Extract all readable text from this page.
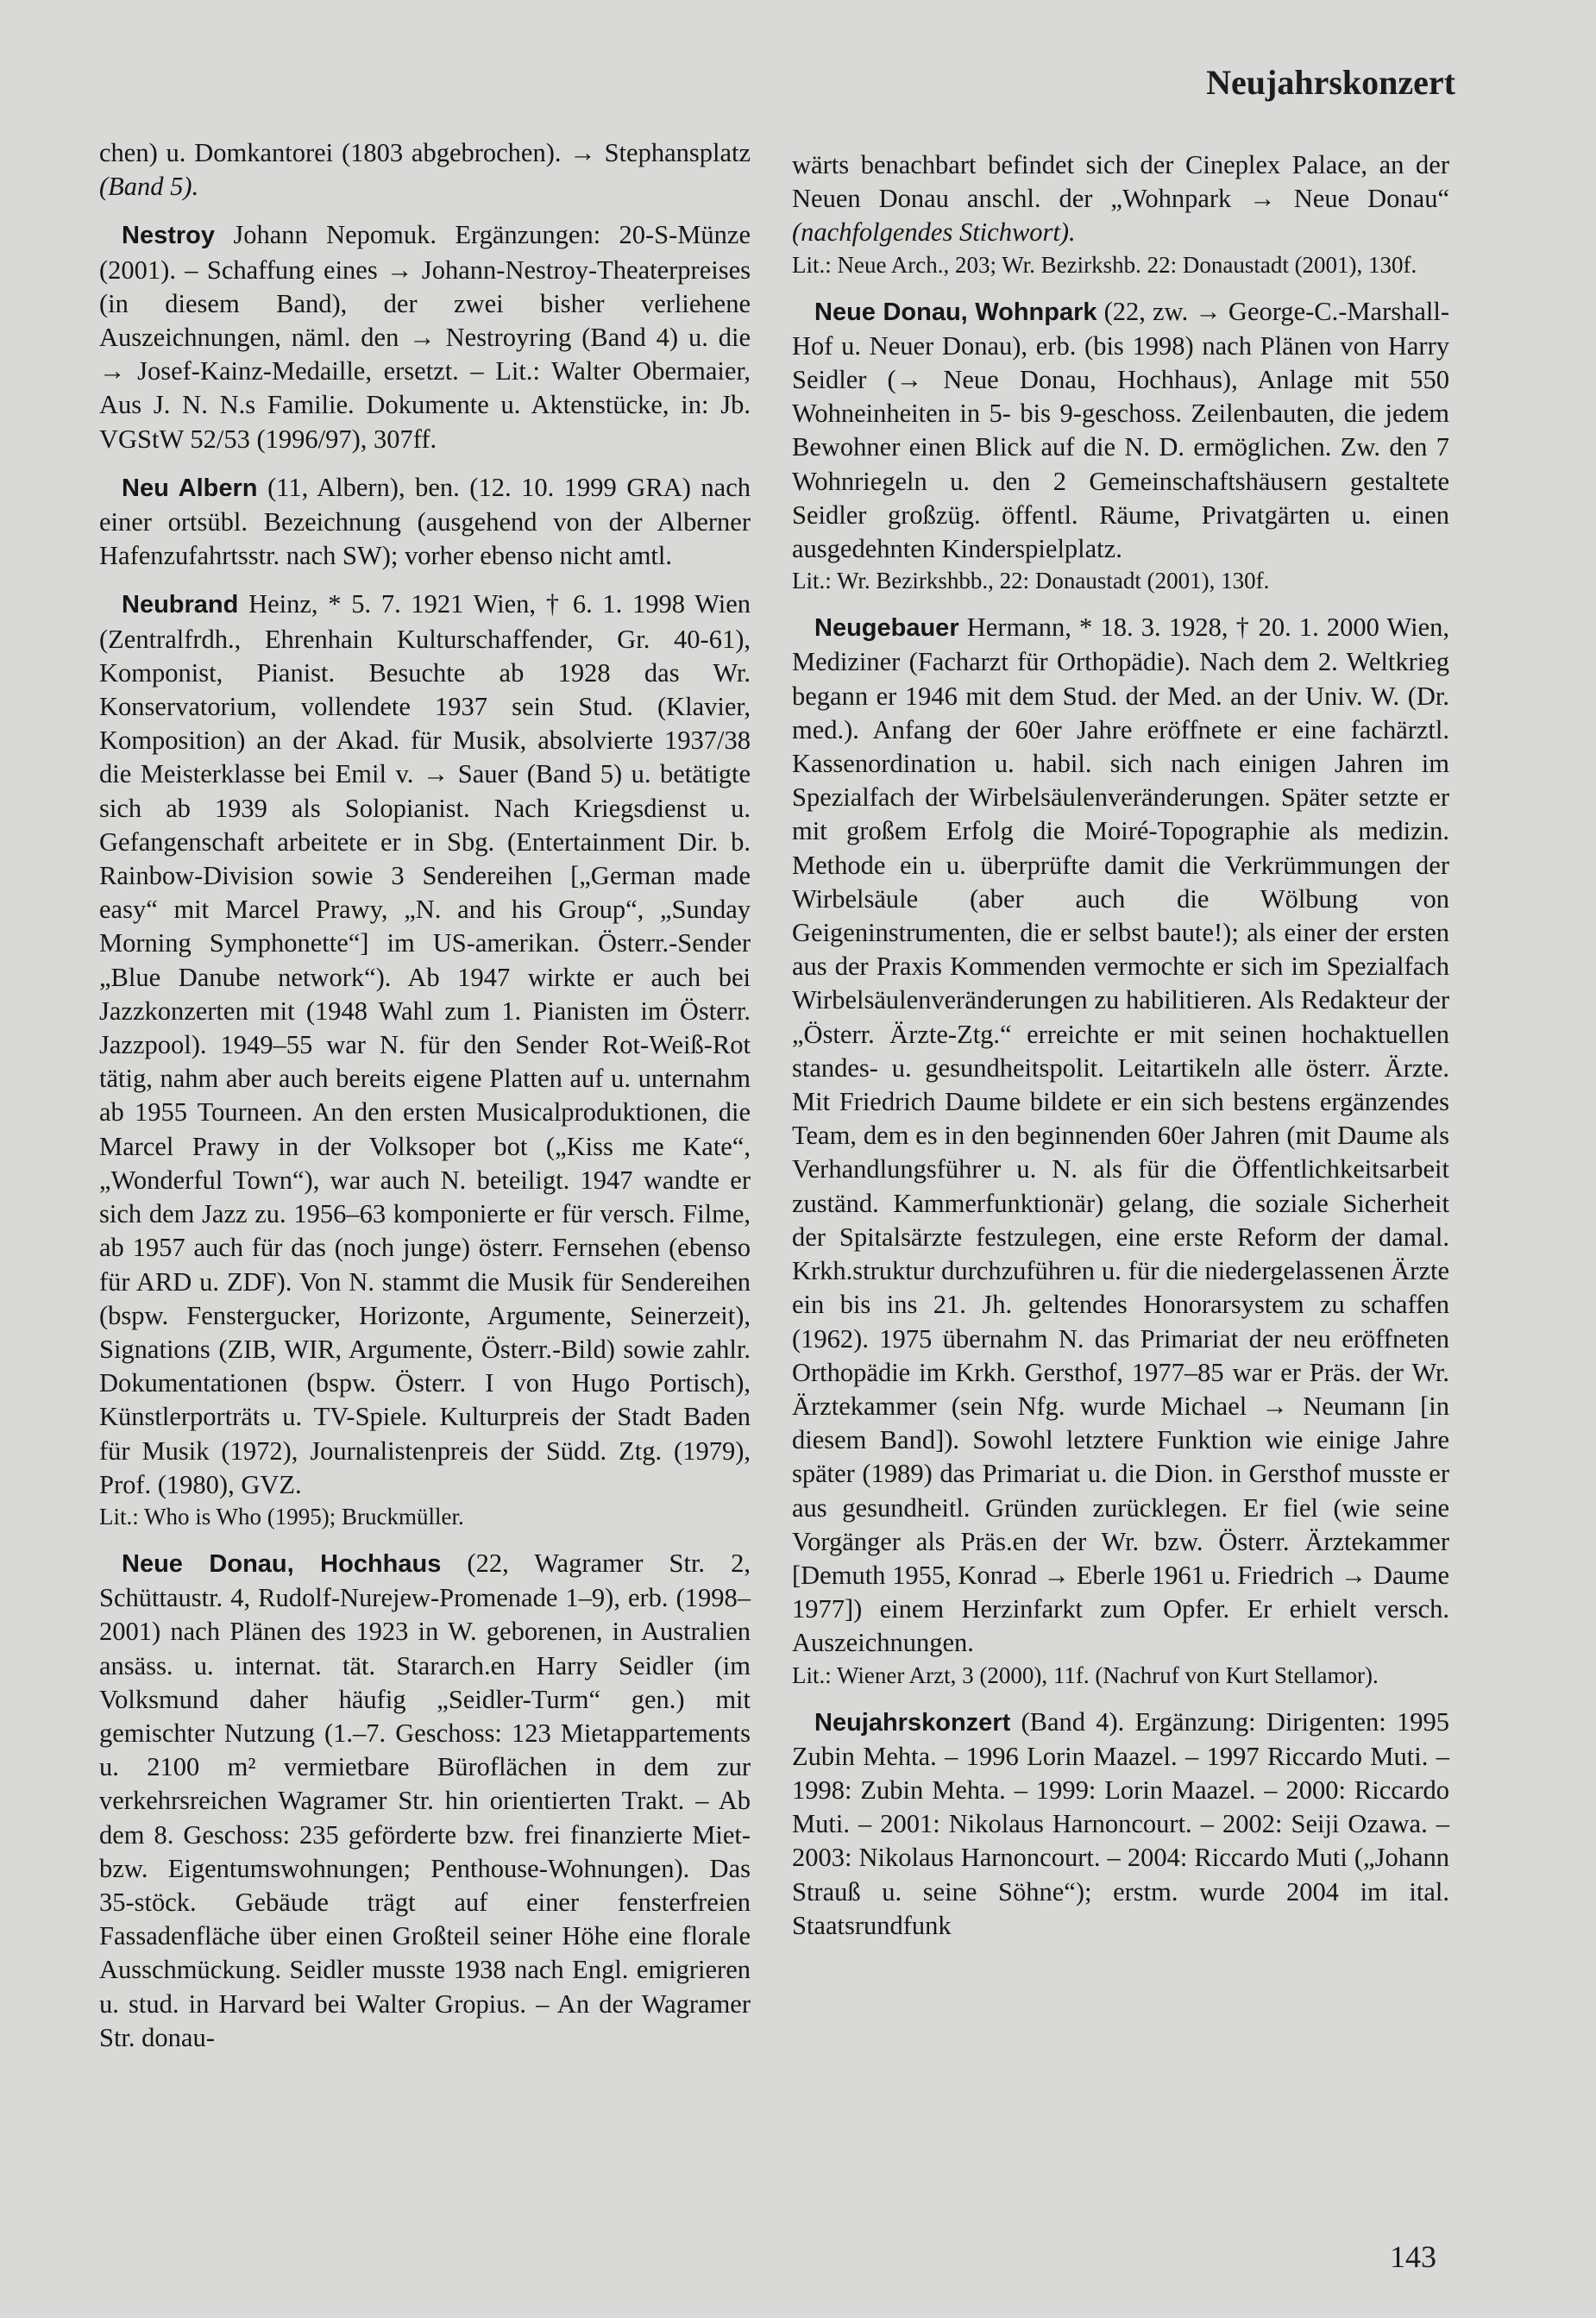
Neujahrskonzert

chen) u. Domkantorei (1803 abgebrochen). → Stephansplatz (Band 5).

Nestroy Johann Nepomuk. Ergänzungen: 20-S-Münze (2001). – Schaffung eines → Johann-Nestroy-Theaterpreises (in diesem Band), der zwei bisher verliehene Auszeichnungen, näml. den → Nestroyring (Band 4) u. die → Josef-Kainz-Medaille, ersetzt. – Lit.: Walter Obermaier, Aus J. N. N.s Familie. Dokumente u. Aktenstücke, in: Jb. VGStW 52/53 (1996/97), 307ff.

Neu Albern (11, Albern), ben. (12. 10. 1999 GRA) nach einer ortsübl. Bezeichnung (ausgehend von der Alberner Hafenzufahrtsstr. nach SW); vorher ebenso nicht amtl.

Neubrand Heinz, * 5. 7. 1921 Wien, † 6. 1. 1998 Wien (Zentralfrdh., Ehrenhain Kulturschaffender, Gr. 40-61), Komponist, Pianist. Besuchte ab 1928 das Wr. Konservatorium, vollendete 1937 sein Stud. (Klavier, Komposition) an der Akad. für Musik, absolvierte 1937/38 die Meisterklasse bei Emil v. → Sauer (Band 5) u. betätigte sich ab 1939 als Solopianist. Nach Kriegsdienst u. Gefangenschaft arbeitete er in Sbg. (Entertainment Dir. b. Rainbow-Division sowie 3 Sendereihen [„German made easy“ mit Marcel Prawy, „N. and his Group“, „Sunday Morning Symphonette“] im US-amerikan. Österr.-Sender „Blue Danube network“). Ab 1947 wirkte er auch bei Jazzkonzerten mit (1948 Wahl zum 1. Pianisten im Österr. Jazzpool). 1949–55 war N. für den Sender Rot-Weiß-Rot tätig, nahm aber auch bereits eigene Platten auf u. unternahm ab 1955 Tourneen. An den ersten Musicalproduktionen, die Marcel Prawy in der Volksoper bot („Kiss me Kate“, „Wonderful Town“), war auch N. beteiligt. 1947 wandte er sich dem Jazz zu. 1956–63 komponierte er für versch. Filme, ab 1957 auch für das (noch junge) österr. Fernsehen (ebenso für ARD u. ZDF). Von N. stammt die Musik für Sendereihen (bspw. Fenstergucker, Horizonte, Argumente, Seinerzeit), Signations (ZIB, WIR, Argumente, Österr.-Bild) sowie zahlr. Dokumentationen (bspw. Österr. I von Hugo Portisch), Künstlerporträts u. TV-Spiele. Kulturpreis der Stadt Baden für Musik (1972), Journalistenpreis der Südd. Ztg. (1979), Prof. (1980), GVZ.

Lit.: Who is Who (1995); Bruckmüller.

Neue Donau, Hochhaus (22, Wagramer Str. 2, Schüttaustr. 4, Rudolf-Nurejew-Promenade 1–9), erb. (1998–2001) nach Plänen des 1923 in W. geborenen, in Australien ansäss. u. internat. tät. Stararch.en Harry Seidler (im Volksmund daher häufig „Seidler-Turm“ gen.) mit gemischter Nutzung (1.–7. Geschoss: 123 Mietappartements u. 2100 m² vermietbare Büroflächen in dem zur verkehrsreichen Wagramer Str. hin orientierten Trakt. – Ab dem 8. Geschoss: 235 geförderte bzw. frei finanzierte Miet- bzw. Eigentumswohnungen; Penthouse-Wohnungen). Das 35-stöck. Gebäude trägt auf einer fensterfreien Fassadenfläche über einen Großteil seiner Höhe eine florale Ausschmückung. Seidler musste 1938 nach Engl. emigrieren u. stud. in Harvard bei Walter Gropius. – An der Wagramer Str. donau-

wärts benachbart befindet sich der Cineplex Palace, an der Neuen Donau anschl. der „Wohnpark → Neue Donau“ (nachfolgendes Stichwort).

Lit.: Neue Arch., 203; Wr. Bezirkshb. 22: Donaustadt (2001), 130f.

Neue Donau, Wohnpark (22, zw. → George-C.-Marshall-Hof u. Neuer Donau), erb. (bis 1998) nach Plänen von Harry Seidler (→ Neue Donau, Hochhaus), Anlage mit 550 Wohneinheiten in 5- bis 9-geschoss. Zeilenbauten, die jedem Bewohner einen Blick auf die N. D. ermöglichen. Zw. den 7 Wohnriegeln u. den 2 Gemeinschaftshäusern gestaltete Seidler großzüg. öffentl. Räume, Privatgärten u. einen ausgedehnten Kinderspielplatz.

Lit.: Wr. Bezirkshbb., 22: Donaustadt (2001), 130f.

Neugebauer Hermann, * 18. 3. 1928, † 20. 1. 2000 Wien, Mediziner (Facharzt für Orthopädie). Nach dem 2. Weltkrieg begann er 1946 mit dem Stud. der Med. an der Univ. W. (Dr. med.). Anfang der 60er Jahre eröffnete er eine fachärztl. Kassenordination u. habil. sich nach einigen Jahren im Spezialfach der Wirbelsäulenveränderungen. Später setzte er mit großem Erfolg die Moiré-Topographie als medizin. Methode ein u. überprüfte damit die Verkrümmungen der Wirbelsäule (aber auch die Wölbung von Geigeninstrumenten, die er selbst baute!); als einer der ersten aus der Praxis Kommenden vermochte er sich im Spezialfach Wirbelsäulenveränderungen zu habilitieren. Als Redakteur der „Österr. Ärzte-Ztg.“ erreichte er mit seinen hochaktuellen standes- u. gesundheitspolit. Leitartikeln alle österr. Ärzte. Mit Friedrich Daume bildete er ein sich bestens ergänzendes Team, dem es in den beginnenden 60er Jahren (mit Daume als Verhandlungsführer u. N. als für die Öffentlichkeitsarbeit zuständ. Kammerfunktionär) gelang, die soziale Sicherheit der Spitalsärzte festzulegen, eine erste Reform der damal. Krkh.struktur durchzuführen u. für die niedergelassenen Ärzte ein bis ins 21. Jh. geltendes Honorarsystem zu schaffen (1962). 1975 übernahm N. das Primariat der neu eröffneten Orthopädie im Krkh. Gersthof, 1977–85 war er Präs. der Wr. Ärztekammer (sein Nfg. wurde Michael → Neumann [in diesem Band]). Sowohl letztere Funktion wie einige Jahre später (1989) das Primariat u. die Dion. in Gersthof musste er aus gesundheitl. Gründen zurücklegen. Er fiel (wie seine Vorgänger als Präs.en der Wr. bzw. Österr. Ärztekammer [Demuth 1955, Konrad → Eberle 1961 u. Friedrich → Daume 1977]) einem Herzinfarkt zum Opfer. Er erhielt versch. Auszeichnungen.

Lit.: Wiener Arzt, 3 (2000), 11f. (Nachruf von Kurt Stellamor).

Neujahrskonzert (Band 4). Ergänzung: Dirigenten: 1995 Zubin Mehta. – 1996 Lorin Maazel. – 1997 Riccardo Muti. – 1998: Zubin Mehta. – 1999: Lorin Maazel. – 2000: Riccardo Muti. – 2001: Nikolaus Harnoncourt. – 2002: Seiji Ozawa. – 2003: Nikolaus Harnoncourt. – 2004: Riccardo Muti („Johann Strauß u. seine Söhne“); erstm. wurde 2004 im ital. Staatsrundfunk

143
